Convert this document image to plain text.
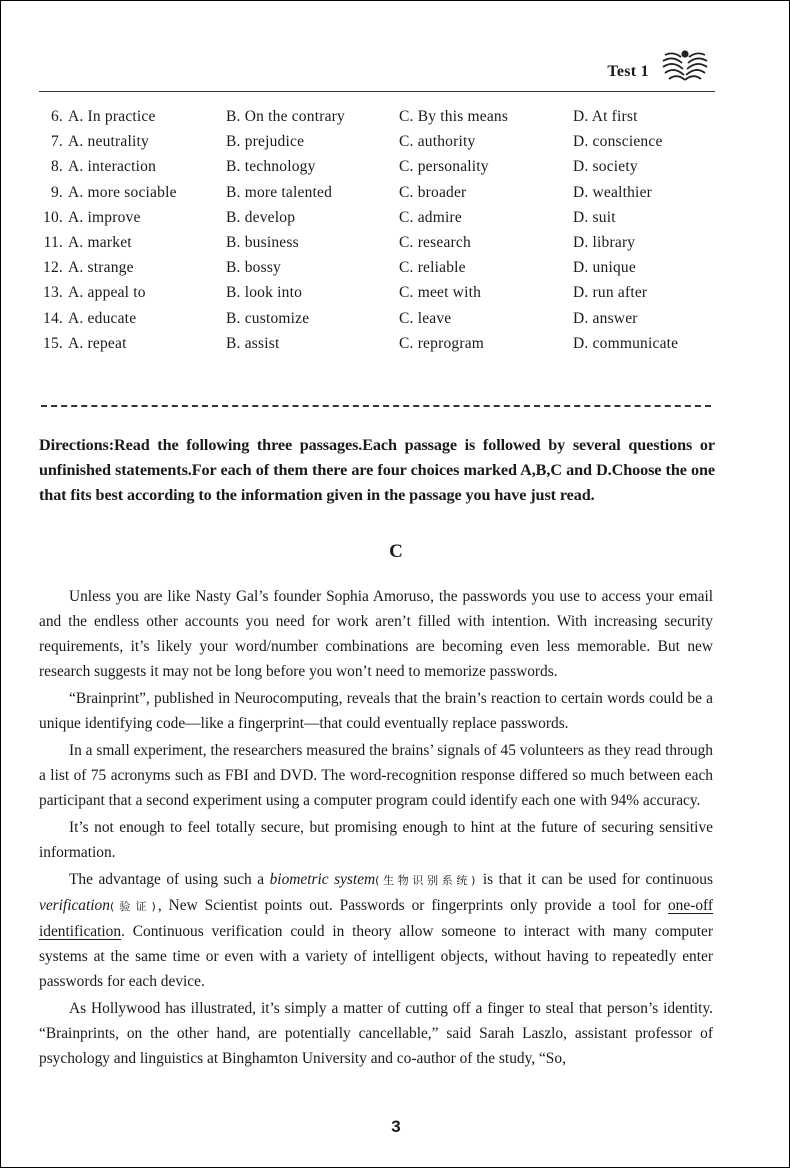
Test 1
6. A. In practice	B. On the contrary	C. By this means	D. At first
7. A. neutrality	B. prejudice	C. authority	D. conscience
8. A. interaction	B. technology	C. personality	D. society
9. A. more sociable	B. more talented	C. broader	D. wealthier
10. A. improve	B. develop	C. admire	D. suit
11. A. market	B. business	C. research	D. library
12. A. strange	B. bossy	C. reliable	D. unique
13. A. appeal to	B. look into	C. meet with	D. run after
14. A. educate	B. customize	C. leave	D. answer
15. A. repeat	B. assist	C. reprogram	D. communicate
Directions:Read the following three passages.Each passage is followed by several questions or unfinished statements.For each of them there are four choices marked A,B,C and D.Choose the one that fits best according to the information given in the passage you have just read.
C

Unless you are like Nasty Gal’s founder Sophia Amoruso, the passwords you use to access your email and the endless other accounts you need for work aren’t filled with intention. With increasing security requirements, it’s likely your word/number combinations are becoming even less memorable. But new research suggests it may not be long before you won’t need to memorize passwords.

“Brainprint”, published in Neurocomputing, reveals that the brain’s reaction to certain words could be a unique identifying code—like a fingerprint—that could eventually replace passwords.

In a small experiment, the researchers measured the brains’ signals of 45 volunteers as they read through a list of 75 acronyms such as FBI and DVD. The word-recognition response differed so much between each participant that a second experiment using a computer program could identify each one with 94% accuracy.

It’s not enough to feel totally secure, but promising enough to hint at the future of securing sensitive information.

The advantage of using such a biometric system(生物识别系统) is that it can be used for continuous verification(验证), New Scientist points out. Passwords or fingerprints only provide a tool for one-off identification. Continuous verification could in theory allow someone to interact with many computer systems at the same time or even with a variety of intelligent objects, without having to repeatedly enter passwords for each device.

As Hollywood has illustrated, it’s simply a matter of cutting off a finger to steal that person’s identity. “Brainprints, on the other hand, are potentially cancellable,” said Sarah Laszlo, assistant professor of psychology and linguistics at Binghamton University and co-author of the study, “So,

3
